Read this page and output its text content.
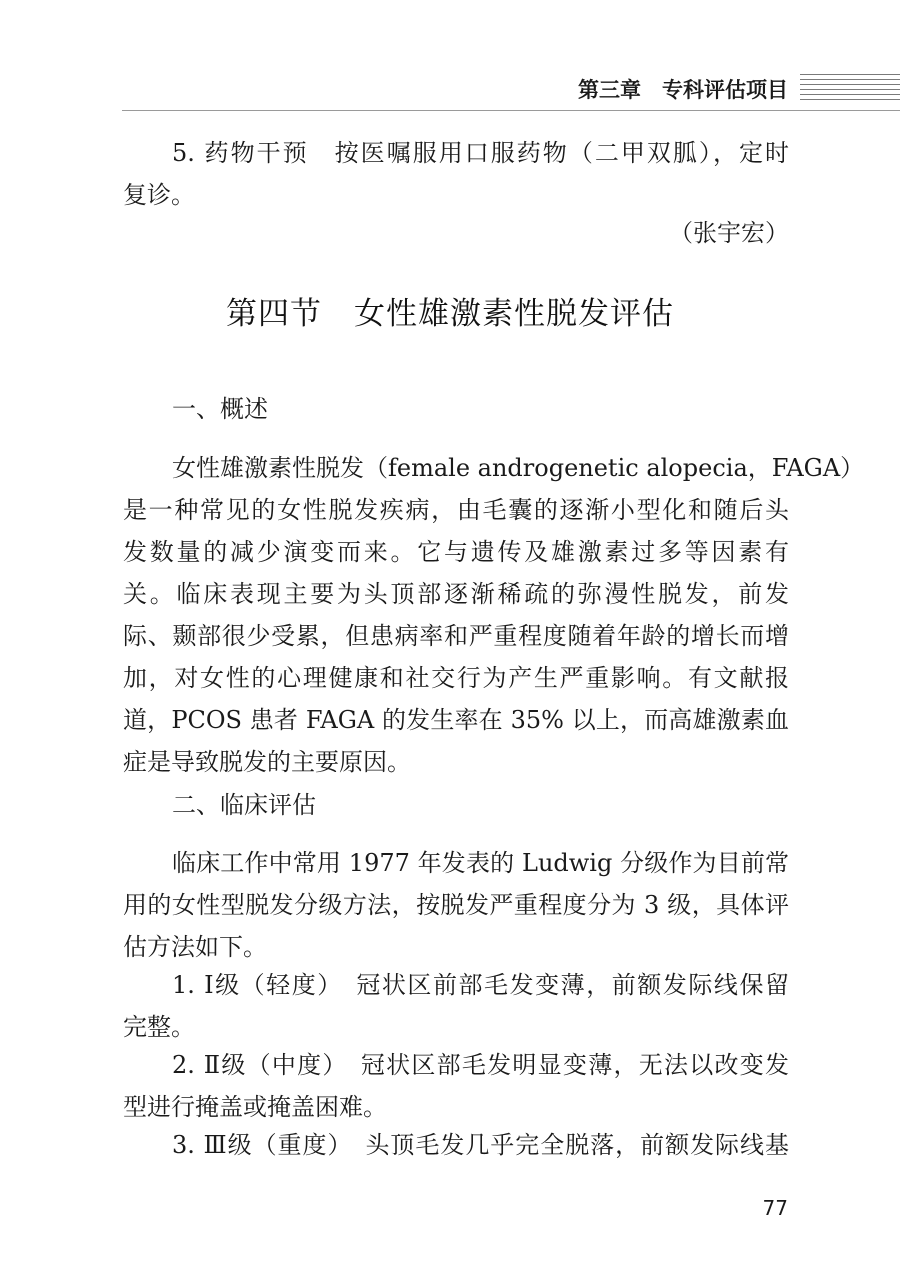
第三章　专科评估项目
5. 药物干预　按医嘱服用口服药物（二甲双胍），定时
复诊。
（张宇宏）
第四节　女性雄激素性脱发评估
一、概述
女性雄激素性脱发（female androgenetic alopecia，FAGA）
是一种常见的女性脱发疾病，由毛囊的逐渐小型化和随后头
发数量的减少演变而来。它与遗传及雄激素过多等因素有
关。临床表现主要为头顶部逐渐稀疏的弥漫性脱发，前发
际、颞部很少受累，但患病率和严重程度随着年龄的增长而增
加，对女性的心理健康和社交行为产生严重影响。有文献报
道，PCOS 患者 FAGA 的发生率在 35% 以上，而高雄激素血
症是导致脱发的主要原因。
二、临床评估
临床工作中常用 1977 年发表的 Ludwig 分级作为目前常
用的女性型脱发分级方法，按脱发严重程度分为 3 级，具体评
估方法如下。
1. Ⅰ级（轻度）　冠状区前部毛发变薄，前额发际线保留
完整。
2. Ⅱ级（中度）　冠状区部毛发明显变薄，无法以改变发
型进行掩盖或掩盖困难。
3. Ⅲ级（重度）　头顶毛发几乎完全脱落，前额发际线基
77
